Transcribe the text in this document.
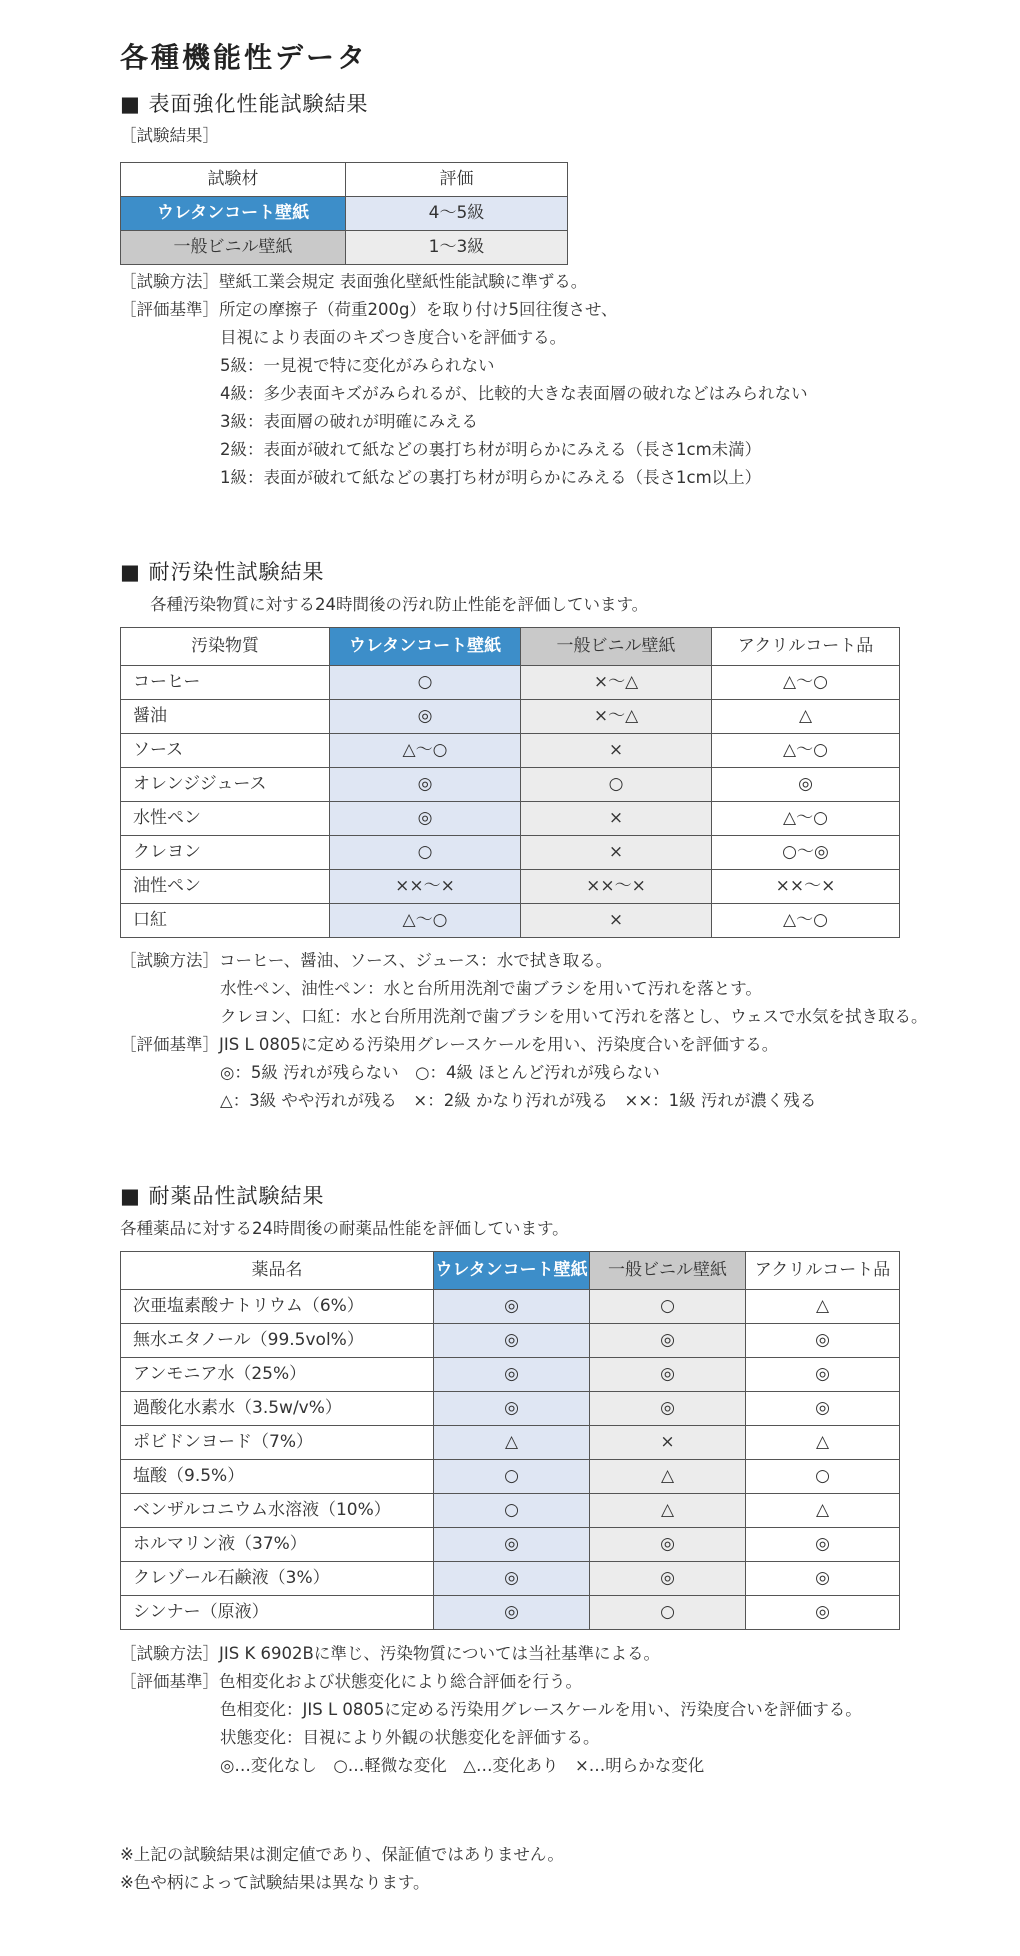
各種機能性データ
■ 表面強化性能試験結果
［試験結果］
試験材	評価
ウレタンコート壁紙	4～5級
一般ビニル壁紙	1～3級
［試験方法］壁紙工業会規定 表面強化壁紙性能試験に準ずる。
［評価基準］所定の摩擦子（荷重200g）を取り付け5回往復させ、
目視により表面のキズつき度合いを評価する。
5級：一見視で特に変化がみられない
4級：多少表面キズがみられるが、比較的大きな表面層の破れなどはみられない
3級：表面層の破れが明確にみえる
2級：表面が破れて紙などの裏打ち材が明らかにみえる（長さ1cm未満）
1級：表面が破れて紙などの裏打ち材が明らかにみえる（長さ1cm以上）
■ 耐汚染性試験結果
各種汚染物質に対する24時間後の汚れ防止性能を評価しています。
汚染物質	ウレタンコート壁紙	一般ビニル壁紙	アクリルコート品
コーヒー	○	×～△	△～○
醤油	◎	×～△	△
ソース	△～○	×	△～○
オレンジジュース	◎	○	◎
水性ペン	◎	×	△～○
クレヨン	○	×	○～◎
油性ペン	××～×	××～×	××～×
口紅	△～○	×	△～○
［試験方法］コーヒー、醤油、ソース、ジュース：水で拭き取る。
水性ペン、油性ペン：水と台所用洗剤で歯ブラシを用いて汚れを落とす。
クレヨン、口紅：水と台所用洗剤で歯ブラシを用いて汚れを落とし、ウェスで水気を拭き取る。
［評価基準］JIS L 0805に定める汚染用グレースケールを用い、汚染度合いを評価する。
◎：5級 汚れが残らない　○：4級 ほとんど汚れが残らない
△：3級 やや汚れが残る　×：2級 かなり汚れが残る　××：1級 汚れが濃く残る
■ 耐薬品性試験結果
各種薬品に対する24時間後の耐薬品性能を評価しています。
薬品名	ウレタンコート壁紙	一般ビニル壁紙	アクリルコート品
次亜塩素酸ナトリウム（6%）	◎	○	△
無水エタノール（99.5vol%）	◎	◎	◎
アンモニア水（25%）	◎	◎	◎
過酸化水素水（3.5w/v%）	◎	◎	◎
ポビドンヨード（7%）	△	×	△
塩酸（9.5%）	○	△	○
ベンザルコニウム水溶液（10%）	○	△	△
ホルマリン液（37%）	◎	◎	◎
クレゾール石鹸液（3%）	◎	◎	◎
シンナー（原液）	◎	○	◎
［試験方法］JIS K 6902Bに準じ、汚染物質については当社基準による。
［評価基準］色相変化および状態変化により総合評価を行う。
色相変化：JIS L 0805に定める汚染用グレースケールを用い、汚染度合いを評価する。
状態変化：目視により外観の状態変化を評価する。
◎…変化なし　○…軽微な変化　△…変化あり　×…明らかな変化
※上記の試験結果は測定値であり、保証値ではありません。
※色や柄によって試験結果は異なります。
